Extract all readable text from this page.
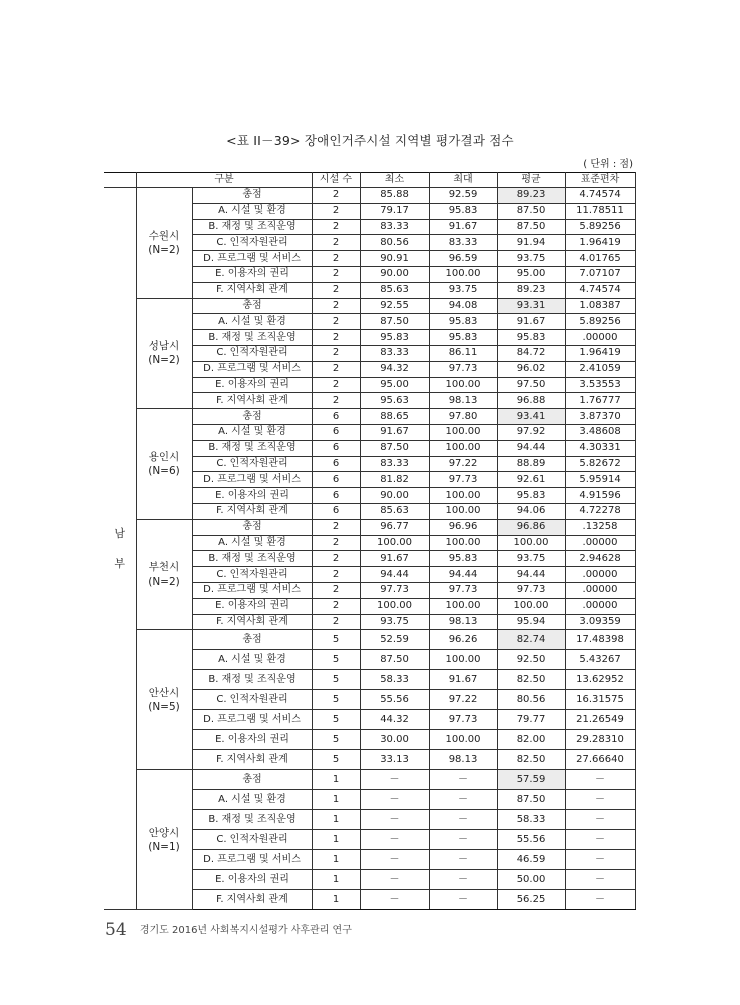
<표 II－39> 장애인거주시설 지역별 평가결과 점수
( 단위 : 점)
	구분		시설 수	최소	최대	평균	표준편차
남
부	수원시
(N=2)	총점	2	85.88	92.59	89.23	4.74574
		A. 시설 및 환경	2	79.17	95.83	87.50	11.78511
		B. 재정 및 조직운영	2	83.33	91.67	87.50	5.89256
		C. 인적자원관리	2	80.56	83.33	91.94	1.96419
		D. 프로그램 및 서비스	2	90.91	96.59	93.75	4.01765
		E. 이용자의 권리	2	90.00	100.00	95.00	7.07107
		F. 지역사회 관계	2	85.63	93.75	89.23	4.74574
	성남시
(N=2)	총점	2	92.55	94.08	93.31	1.08387
		A. 시설 및 환경	2	87.50	95.83	91.67	5.89256
		B. 재정 및 조직운영	2	95.83	95.83	95.83	.00000
		C. 인적자원관리	2	83.33	86.11	84.72	1.96419
		D. 프로그램 및 서비스	2	94.32	97.73	96.02	2.41059
		E. 이용자의 권리	2	95.00	100.00	97.50	3.53553
		F. 지역사회 관계	2	95.63	98.13	96.88	1.76777
	용인시
(N=6)	총점	6	88.65	97.80	93.41	3.87370
		A. 시설 및 환경	6	91.67	100.00	97.92	3.48608
		B. 재정 및 조직운영	6	87.50	100.00	94.44	4.30331
		C. 인적자원관리	6	83.33	97.22	88.89	5.82672
		D. 프로그램 및 서비스	6	81.82	97.73	92.61	5.95914
		E. 이용자의 권리	6	90.00	100.00	95.83	4.91596
		F. 지역사회 관계	6	85.63	100.00	94.06	4.72278
	부천시
(N=2)	총점	2	96.77	96.96	96.86	.13258
		A. 시설 및 환경	2	100.00	100.00	100.00	.00000
		B. 재정 및 조직운영	2	91.67	95.83	93.75	2.94628
		C. 인적자원관리	2	94.44	94.44	94.44	.00000
		D. 프로그램 및 서비스	2	97.73	97.73	97.73	.00000
		E. 이용자의 권리	2	100.00	100.00	100.00	.00000
		F. 지역사회 관계	2	93.75	98.13	95.94	3.09359
	안산시
(N=5)	총점	5	52.59	96.26	82.74	17.48398
		A. 시설 및 환경	5	87.50	100.00	92.50	5.43267
		B. 재정 및 조직운영	5	58.33	91.67	82.50	13.62952
		C. 인적자원관리	5	55.56	97.22	80.56	16.31575
		D. 프로그램 및 서비스	5	44.32	97.73	79.77	21.26549
		E. 이용자의 권리	5	30.00	100.00	82.00	29.28310
		F. 지역사회 관계	5	33.13	98.13	82.50	27.66640
	안양시
(N=1)	총점	1	－	－	57.59	－
		A. 시설 및 환경	1	－	－	87.50	－
		B. 재정 및 조직운영	1	－	－	58.33	－
		C. 인적자원관리	1	－	－	55.56	－
		D. 프로그램 및 서비스	1	－	－	46.59	－
		E. 이용자의 권리	1	－	－	50.00	－
		F. 지역사회 관계	1	－	－	56.25	－
54 경기도 2016년 사회복지시설평가 사후관리 연구
